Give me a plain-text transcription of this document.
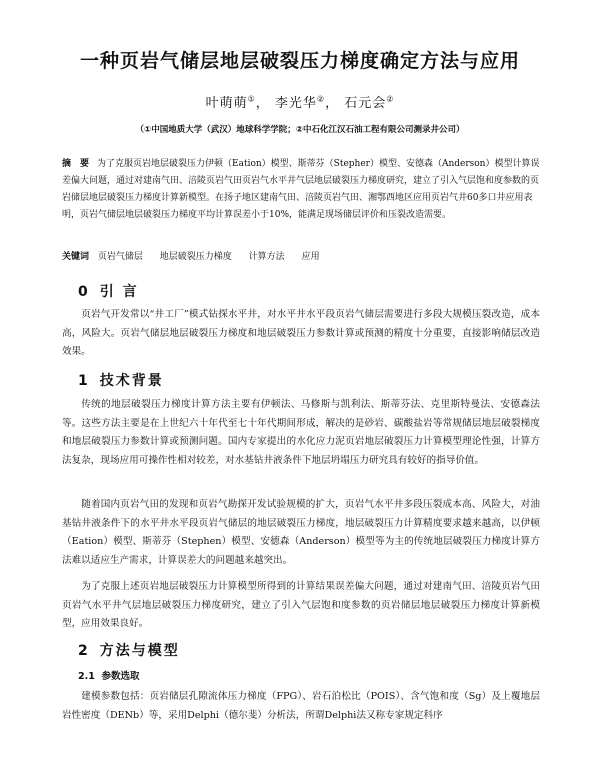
一种页岩气储层地层破裂压力梯度确定方法与应用
叶萌萌①， 李光华②， 石元会②
（①中国地质大学（武汉）地球科学学院；②中石化江汉石油工程有限公司测录井公司）
摘　要 为了克服页岩地层破裂压力伊顿（Eation）模型、斯蒂芬（Stepher）模型、安德森（Anderson）模型计算误差偏大问题，通过对建南气田、涪陵页岩气田页岩气水平井气层地层破裂压力梯度研究，建立了引入气层饱和度参数的页岩储层地层破裂压力梯度计算新模型。在扬子地区建南气田、涪陵页岩气田、湘鄂西地区应用页岩气井60多口井应用表明，页岩气储层地层破裂压力梯度平均计算误差小于10%，能满足现场储层评价和压裂改造需要。
关键词 页岩气储层 地层破裂压力梯度 计算方法 应用
0 引 言
页岩气开发常以“井工厂”模式钻探水平井，对水平井水平段页岩气储层需要进行多段大规模压裂改造，成本高，风险大。页岩气储层地层破裂压力梯度和地层破裂压力参数计算或预测的精度十分重要，直接影响储层改造效果。
1 技术背景
传统的地层破裂压力梯度计算方法主要有伊顿法、马修斯与凯利法、斯蒂芬法、克里斯特曼法、安德森法等。这些方法主要是在上世纪六十年代至七十年代期间形成，解决的是砂岩、碳酸盐岩等常规储层地层破裂梯度和地层破裂压力参数计算或预测问题。国内专家提出的水化应力泥页岩地层破裂压力计算模型理论性强，计算方法复杂，现场应用可操作性相对较差，对水基钻井液条件下地层坍塌压力研究具有较好的指导价值。
随着国内页岩气田的发现和页岩气勘探开发试验规模的扩大，页岩气水平井多段压裂成本高、风险大，对油基钻井液条件下的水平井水平段页岩气储层的地层破裂压力梯度，地层破裂压力计算精度要求越来越高，以伊顿（Eation）模型、斯蒂芬（Stephen）模型、安德森（Anderson）模型等为主的传统地层破裂压力梯度计算方法难以适应生产需求，计算误差大的问题越来越突出。
为了克服上述页岩地层破裂压力计算模型所得到的计算结果误差偏大问题，通过对建南气田、涪陵页岩气田页岩气水平井气层地层破裂压力梯度研究，建立了引入气层饱和度参数的页岩储层地层破裂压力梯度计算新模型，应用效果良好。
2 方法与模型
2.1 参数选取
建模参数包括：页岩储层孔隙流体压力梯度（FPG）、岩石泊松比（POIS）、含气饱和度（Sg）及上覆地层岩性密度（DENb）等，采用Delphi（德尔斐）分析法，所谓Delphi法又称专家规定科序
